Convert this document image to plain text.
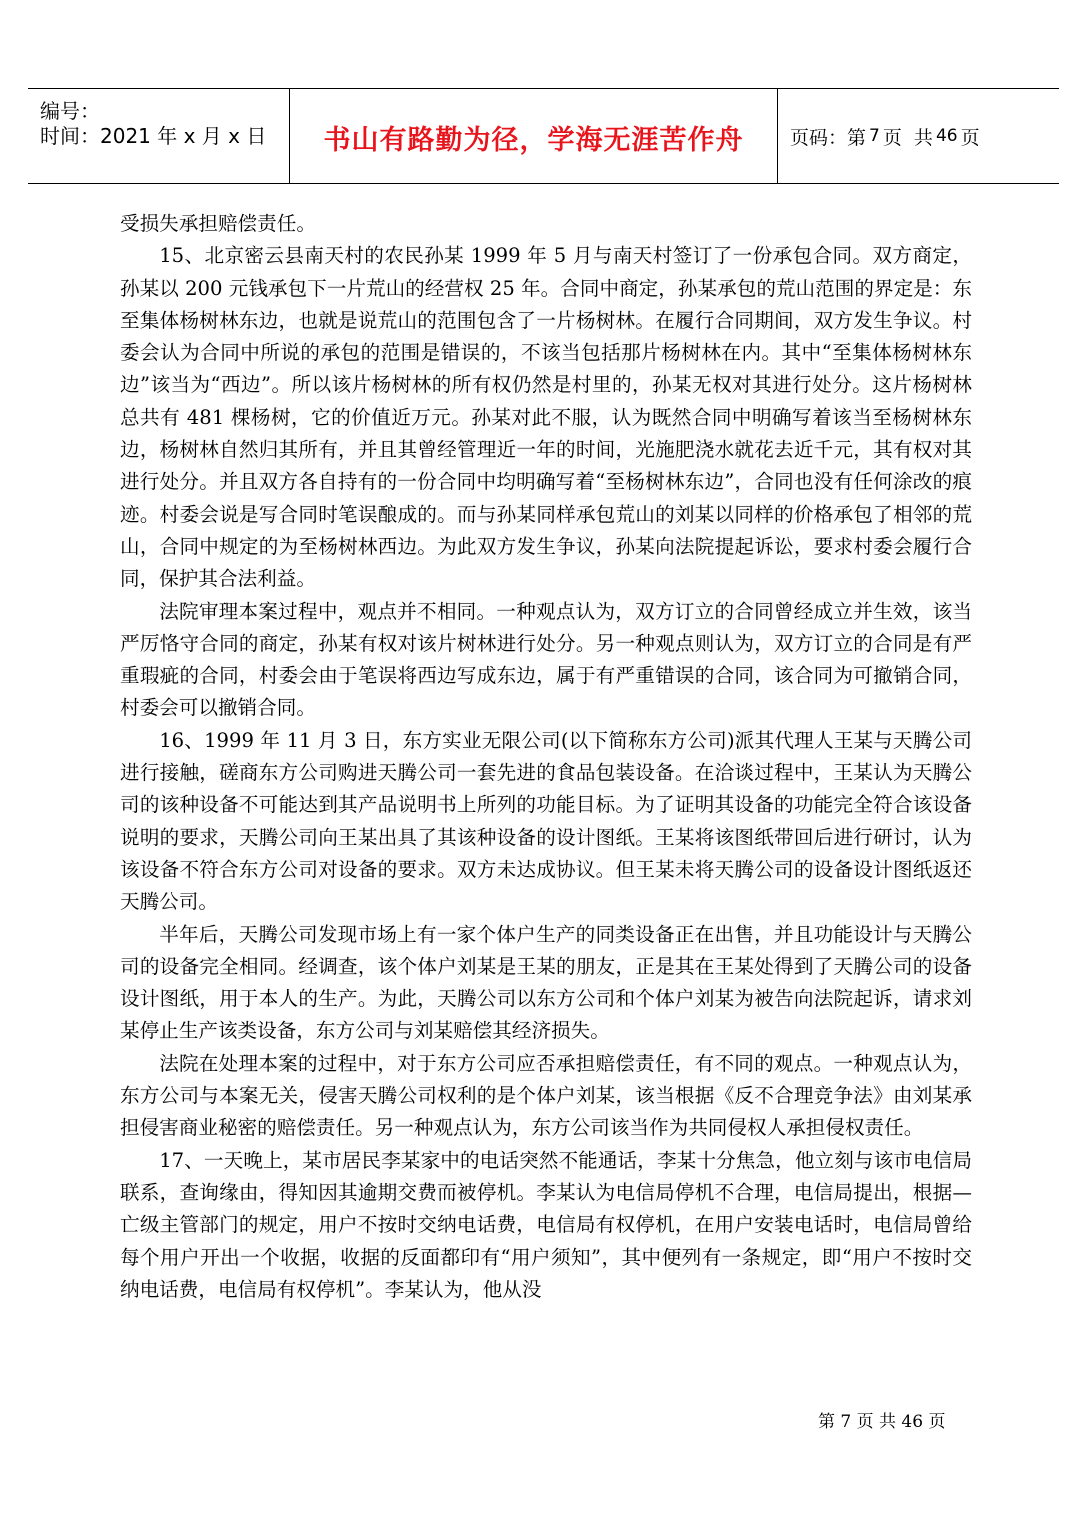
编号：
时间：2021 年 x 月 x 日 书山有路勤为径，学海无涯苦作舟 页码：第 7 页  共 46 页

受损失承担赔偿责任。

15、北京密云县南天村的农民孙某 1999 年 5 月与南天村签订了一份承包合同。双方商定，孙某以 200 元钱承包下一片荒山的经营权 25 年。合同中商定，孙某承包的荒山范围的界定是：东至集体杨树林东边，也就是说荒山的范围包含了一片杨树林。在履行合同期间，双方发生争议。村委会认为合同中所说的承包的范围是错误的，不该当包括那片杨树林在内。其中“至集体杨树林东边”该当为“西边”。所以该片杨树林的所有权仍然是村里的，孙某无权对其进行处分。这片杨树林总共有 481 棵杨树，它的价值近万元。孙某对此不服，认为既然合同中明确写着该当至杨树林东边，杨树林自然归其所有，并且其曾经管理近一年的时间，光施肥浇水就花去近千元，其有权对其进行处分。并且双方各自持有的一份合同中均明确写着“至杨树林东边”，合同也没有任何涂改的痕迹。村委会说是写合同时笔误酿成的。而与孙某同样承包荒山的刘某以同样的价格承包了相邻的荒山，合同中规定的为至杨树林西边。为此双方发生争议，孙某向法院提起诉讼，要求村委会履行合同，保护其合法利益。

法院审理本案过程中，观点并不相同。一种观点认为，双方订立的合同曾经成立并生效，该当严厉恪守合同的商定，孙某有权对该片树林进行处分。另一种观点则认为，双方订立的合同是有严重瑕疵的合同，村委会由于笔误将西边写成东边，属于有严重错误的合同，该合同为可撤销合同，村委会可以撤销合同。

16、1999 年 11 月 3 日，东方实业无限公司(以下简称东方公司)派其代理人王某与天腾公司进行接触，磋商东方公司购进天腾公司一套先进的食品包装设备。在洽谈过程中，王某认为天腾公司的该种设备不可能达到其产品说明书上所列的功能目标。为了证明其设备的功能完全符合该设备说明的要求，天腾公司向王某出具了其该种设备的设计图纸。王某将该图纸带回后进行研讨，认为该设备不符合东方公司对设备的要求。双方未达成协议。但王某未将天腾公司的设备设计图纸返还天腾公司。

半年后，天腾公司发现市场上有一家个体户生产的同类设备正在出售，并且功能设计与天腾公司的设备完全相同。经调查，该个体户刘某是王某的朋友，正是其在王某处得到了天腾公司的设备设计图纸，用于本人的生产。为此，天腾公司以东方公司和个体户刘某为被告向法院起诉，请求刘某停止生产该类设备，东方公司与刘某赔偿其经济损失。

法院在处理本案的过程中，对于东方公司应否承担赔偿责任，有不同的观点。一种观点认为，东方公司与本案无关，侵害天腾公司权利的是个体户刘某，该当根据《反不合理竞争法》由刘某承担侵害商业秘密的赔偿责任。另一种观点认为，东方公司该当作为共同侵权人承担侵权责任。

17、一天晚上，某市居民李某家中的电话突然不能通话，李某十分焦急，他立刻与该市电信局联系，查询缘由，得知因其逾期交费而被停机。李某认为电信局停机不合理，电信局提出，根据—亡级主管部门的规定，用户不按时交纳电话费，电信局有权停机，在用户安装电话时，电信局曾给每个用户开出一个收据，收据的反面都印有“用户须知”，其中便列有一条规定，即“用户不按时交纳电话费，电信局有权停机”。李某认为，他从没

第 7 页 共 46 页
